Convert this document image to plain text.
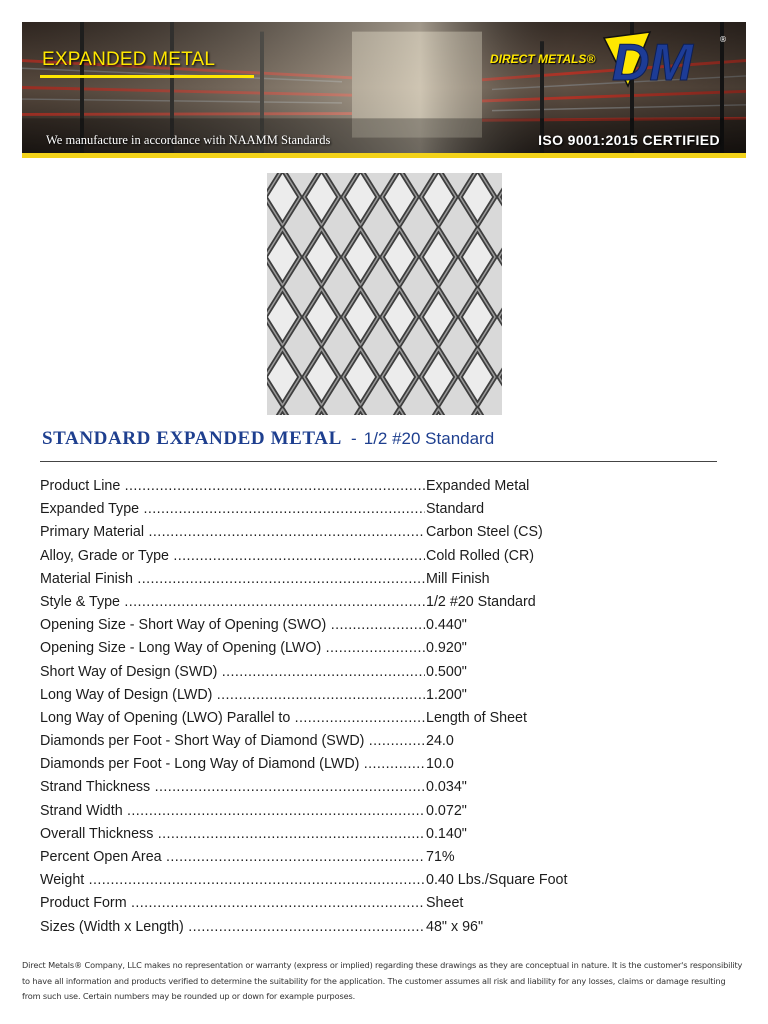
EXPANDED METAL	DIRECT METALS® DM	®
We manufacture in accordance with NAAMM Standards	ISO 9001:2015 CERTIFIED
STANDARD EXPANDED METAL - 1/2 #20 Standard
Product Line .....	Expanded Metal
Expanded Type .....	Standard
Primary Material .....	Carbon Steel (CS)
Alloy, Grade or Type .....	Cold Rolled (CR)
Material Finish .....	Mill Finish
Style & Type .....	1/2 #20 Standard
Opening Size - Short Way of Opening (SWO) .....	0.440"
Opening Size - Long Way of Opening (LWO) .....	0.920"
Short Way of Design (SWD) .....	0.500"
Long Way of Design (LWD) .....	1.200"
Long Way of Opening (LWO) Parallel to .....	Length of Sheet
Diamonds per Foot - Short Way of Diamond (SWD) .....	24.0
Diamonds per Foot - Long Way of Diamond (LWD) .....	10.0
Strand Thickness .....	0.034"
Strand Width .....	0.072"
Overall Thickness .....	0.140"
Percent Open Area .....	71%
Weight .....	0.40 Lbs./Square Foot
Product Form .....	Sheet
Sizes (Width x Length) .....	48" x 96"

Direct Metals® Company, LLC makes no representation or warranty (express or implied) regarding these drawings as they are conceptual in nature. It is the customer's responsibility to have all information and products verified to determine the suitability for the application. The customer assumes all risk and liability for any losses, claims or damage resulting from such use. Certain numbers may be rounded up or down for example purposes.
